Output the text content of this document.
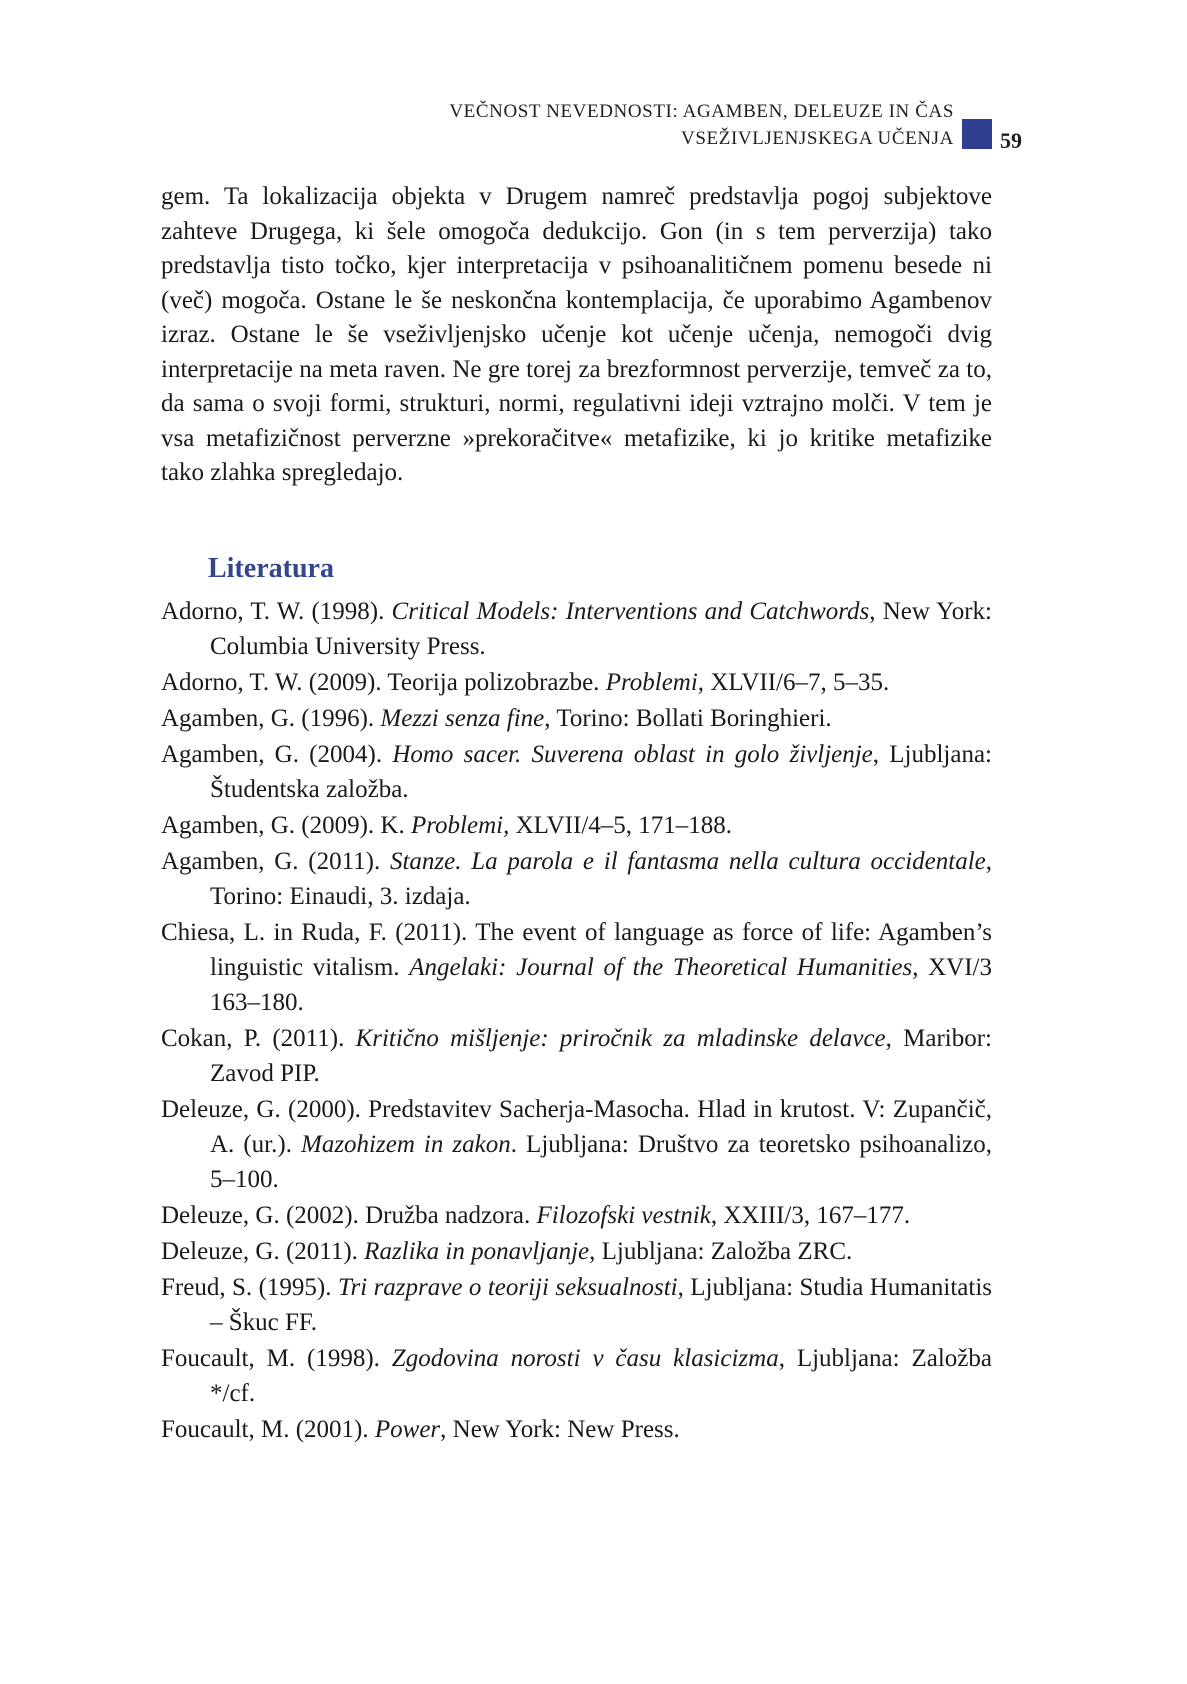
VEČNOST NEVEDNOSTI: AGAMBEN, DELEUZE IN ČAS
VSEŽIVLJENJSKEGA UČENJA 59

gem. Ta lokalizacija objekta v Drugem namreč predstavlja pogoj subjektove zahteve Drugega, ki šele omogoča dedukcijo. Gon (in s tem perverzija) tako predstavlja tisto točko, kjer interpretacija v psihoanalitičnem pomenu besede ni (več) mogoča. Ostane le še neskončna kontemplacija, če uporabimo Agambenov izraz. Ostane le še vseživljenjsko učenje kot učenje učenja, nemogoči dvig interpretacije na meta raven. Ne gre torej za brezformnost perverzije, temveč za to, da sama o svoji formi, strukturi, normi, regulativni ideji vztrajno molči. V tem je vsa metafizičnost perverzne »prekoračitve« metafizike, ki jo kritike metafizike tako zlahka spregledajo.

Literatura

Adorno, T. W. (1998). Critical Models: Interventions and Catchwords, New York: Columbia University Press.

Adorno, T. W. (2009). Teorija polizobrazbe. Problemi, XLVII/6–7, 5–35.

Agamben, G. (1996). Mezzi senza fine, Torino: Bollati Boringhieri.

Agamben, G. (2004). Homo sacer. Suverena oblast in golo življenje, Ljubljana: Študentska založba.

Agamben, G. (2009). K. Problemi, XLVII/4–5, 171–188.

Agamben, G. (2011). Stanze. La parola e il fantasma nella cultura occidentale, Torino: Einaudi, 3. izdaja.

Chiesa, L. in Ruda, F. (2011). The event of language as force of life: Agamben’s linguistic vitalism. Angelaki: Journal of the Theoretical Humanities, XVI/3 163–180.

Cokan, P. (2011). Kritično mišljenje: priročnik za mladinske delavce, Maribor: Zavod PIP.

Deleuze, G. (2000). Predstavitev Sacherja-Masocha. Hlad in krutost. V: Zupančič, A. (ur.). Mazohizem in zakon. Ljubljana: Društvo za teoretsko psihoanalizo, 5–100.

Deleuze, G. (2002). Družba nadzora. Filozofski vestnik, XXIII/3, 167–177.

Deleuze, G. (2011). Razlika in ponavljanje, Ljubljana: Založba ZRC.

Freud, S. (1995). Tri razprave o teoriji seksualnosti, Ljubljana: Studia Humanitatis – Škuc FF.

Foucault, M. (1998). Zgodovina norosti v času klasicizma, Ljubljana: Založba */cf.

Foucault, M. (2001). Power, New York: New Press.
